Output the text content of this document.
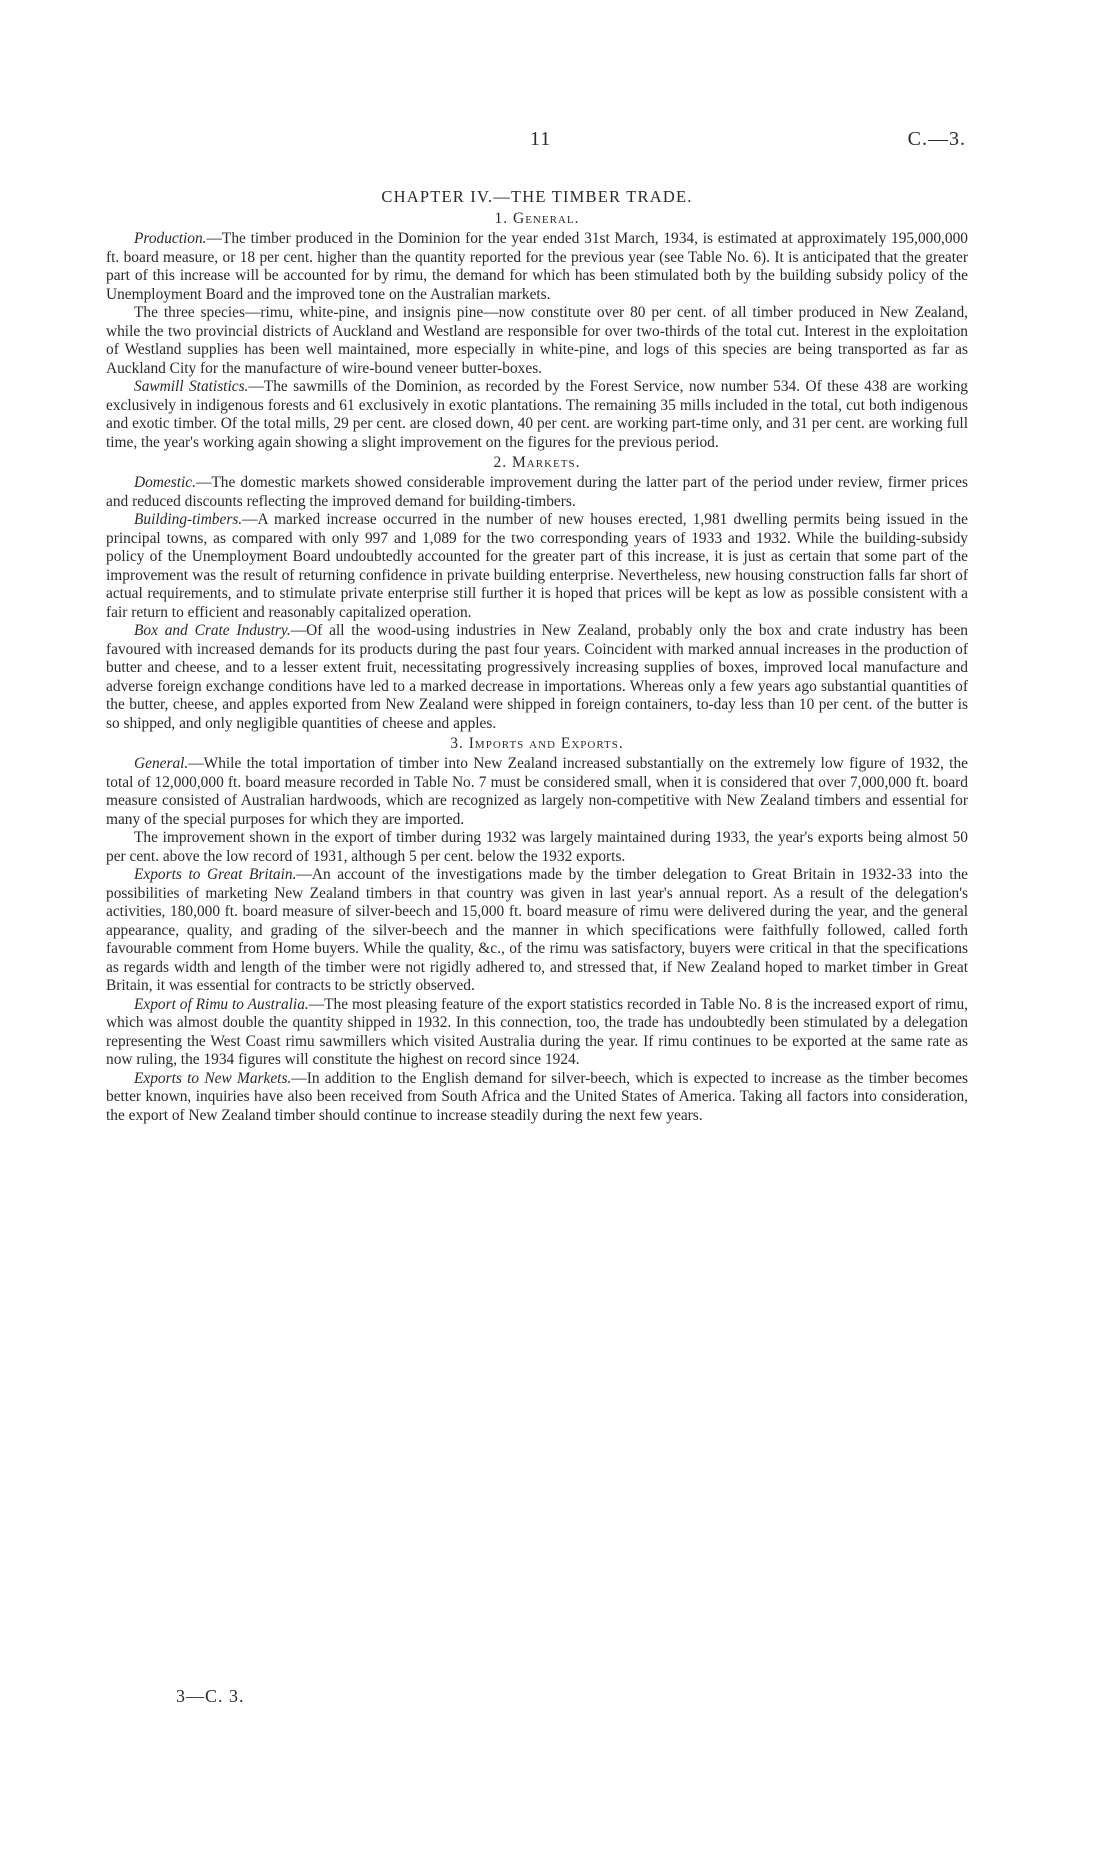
11	C.—3.
CHAPTER IV.—THE TIMBER TRADE.
1. General.

Production.—The timber produced in the Dominion for the year ended 31st March, 1934, is estimated at approximately 195,000,000 ft. board measure, or 18 per cent. higher than the quantity reported for the previous year (see Table No. 6). It is anticipated that the greater part of this increase will be accounted for by rimu, the demand for which has been stimulated both by the building subsidy policy of the Unemployment Board and the improved tone on the Australian markets.

The three species—rimu, white-pine, and insignis pine—now constitute over 80 per cent. of all timber produced in New Zealand, while the two provincial districts of Auckland and Westland are responsible for over two-thirds of the total cut. Interest in the exploitation of Westland supplies has been well maintained, more especially in white-pine, and logs of this species are being transported as far as Auckland City for the manufacture of wire-bound veneer butter-boxes.

Sawmill Statistics.—The sawmills of the Dominion, as recorded by the Forest Service, now number 534. Of these 438 are working exclusively in indigenous forests and 61 exclusively in exotic plantations. The remaining 35 mills included in the total, cut both indigenous and exotic timber. Of the total mills, 29 per cent. are closed down, 40 per cent. are working part-time only, and 31 per cent. are working full time, the year's working again showing a slight improvement on the figures for the previous period.

2. Markets.

Domestic.—The domestic markets showed considerable improvement during the latter part of the period under review, firmer prices and reduced discounts reflecting the improved demand for building-timbers.

Building-timbers.—A marked increase occurred in the number of new houses erected, 1,981 dwelling permits being issued in the principal towns, as compared with only 997 and 1,089 for the two corresponding years of 1933 and 1932. While the building-subsidy policy of the Unemployment Board undoubtedly accounted for the greater part of this increase, it is just as certain that some part of the improvement was the result of returning confidence in private building enterprise. Nevertheless, new housing construction falls far short of actual requirements, and to stimulate private enterprise still further it is hoped that prices will be kept as low as possible consistent with a fair return to efficient and reasonably capitalized operation.

Box and Crate Industry.—Of all the wood-using industries in New Zealand, probably only the box and crate industry has been favoured with increased demands for its products during the past four years. Coincident with marked annual increases in the production of butter and cheese, and to a lesser extent fruit, necessitating progressively increasing supplies of boxes, improved local manufacture and adverse foreign exchange conditions have led to a marked decrease in importations. Whereas only a few years ago substantial quantities of the butter, cheese, and apples exported from New Zealand were shipped in foreign containers, to-day less than 10 per cent. of the butter is so shipped, and only negligible quantities of cheese and apples.

3. Imports and Exports.

General.—While the total importation of timber into New Zealand increased substantially on the extremely low figure of 1932, the total of 12,000,000 ft. board measure recorded in Table No. 7 must be considered small, when it is considered that over 7,000,000 ft. board measure consisted of Australian hardwoods, which are recognized as largely non-competitive with New Zealand timbers and essential for many of the special purposes for which they are imported.

The improvement shown in the export of timber during 1932 was largely maintained during 1933, the year's exports being almost 50 per cent. above the low record of 1931, although 5 per cent. below the 1932 exports.

Exports to Great Britain.—An account of the investigations made by the timber delegation to Great Britain in 1932-33 into the possibilities of marketing New Zealand timbers in that country was given in last year's annual report. As a result of the delegation's activities, 180,000 ft. board measure of silver-beech and 15,000 ft. board measure of rimu were delivered during the year, and the general appearance, quality, and grading of the silver-beech and the manner in which specifications were faithfully followed, called forth favourable comment from Home buyers. While the quality, &c., of the rimu was satisfactory, buyers were critical in that the specifications as regards width and length of the timber were not rigidly adhered to, and stressed that, if New Zealand hoped to market timber in Great Britain, it was essential for contracts to be strictly observed.

Export of Rimu to Australia.—The most pleasing feature of the export statistics recorded in Table No. 8 is the increased export of rimu, which was almost double the quantity shipped in 1932. In this connection, too, the trade has undoubtedly been stimulated by a delegation representing the West Coast rimu sawmillers which visited Australia during the year. If rimu continues to be exported at the same rate as now ruling, the 1934 figures will constitute the highest on record since 1924.

Exports to New Markets.—In addition to the English demand for silver-beech, which is expected to increase as the timber becomes better known, inquiries have also been received from South Africa and the United States of America. Taking all factors into consideration, the export of New Zealand timber should continue to increase steadily during the next few years.

3—C. 3.
